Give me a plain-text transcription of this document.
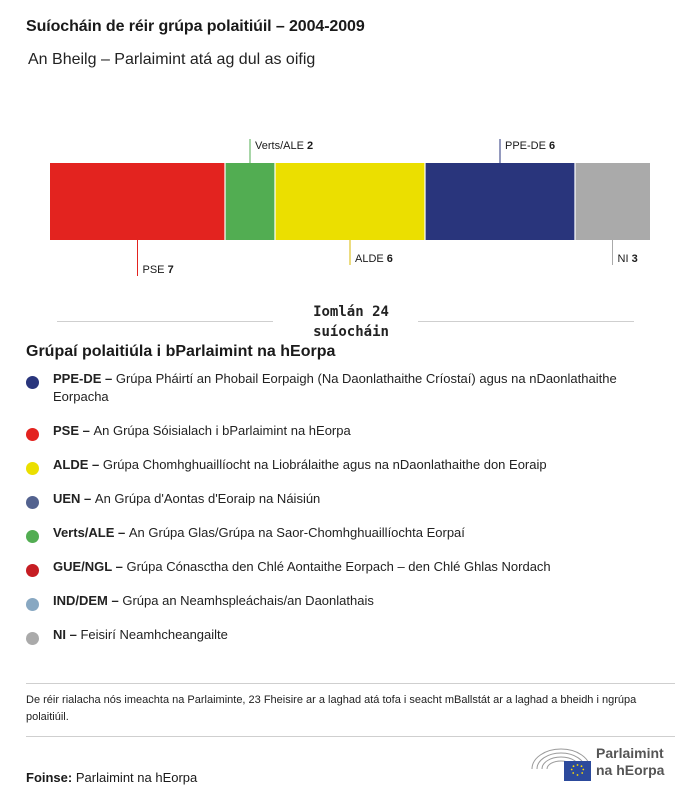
Suíocháin de réir grúpa polaitiúil – 2004-2009
An Bheilg – Parlaimint atá ag dul as oifig
PSE 7
Verts/ALE 2
ALDE 6
PPE-DE 6
NI 3
Iomlán 24
suíocháin
Grúpaí polaitiúla i bParlaimint na hEorpa
PPE-DE – Grúpa Pháirtí an Phobail Eorpaigh (Na Daonlathaithe Críostaí) agus na nDaonlathaithe Eorpacha
PSE – An Grúpa Sóisialach i bParlaimint na hEorpa
ALDE – Grúpa Chomhghuaillíocht na Liobrálaithe agus na nDaonlathaithe don Eoraip
UEN – An Grúpa d'Aontas d'Eoraip na Náisiún
Verts/ALE – An Grúpa Glas/Grúpa na Saor-Chomhghuaillíochta Eorpaí
GUE/NGL – Grúpa Cónasctha den Chlé Aontaithe Eorpach – den Chlé Ghlas Nordach
IND/DEM – Grúpa an Neamhspleáchais/an Daonlathais
NI – Feisirí Neamhcheangailte
De réir rialacha nós imeachta na Parlaiminte, 23 Fheisire ar a laghad atá tofa i seacht mBallstát ar a laghad a bheidh i ngrúpa polaitiúil.
Foinse: Parlaimint na hEorpa
Parlaimint
na hEorpa
